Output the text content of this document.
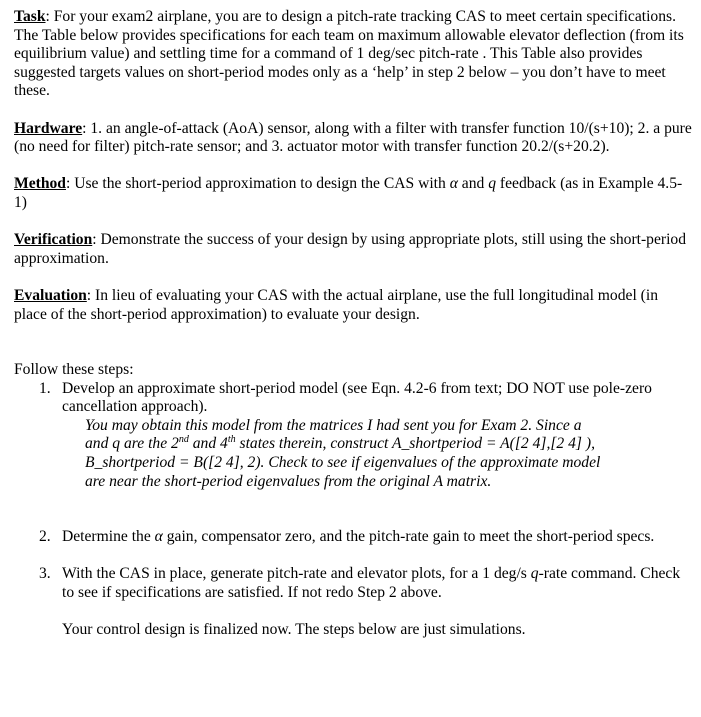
Task: For your exam2 airplane, you are to design a pitch-rate tracking CAS to meet certain specifications. The Table below provides specifications for each team on maximum allowable elevator deflection (from its equilibrium value) and settling time for a command of 1 deg/sec pitch-rate . This Table also provides suggested targets values on short-period modes only as a ‘help’ in step 2 below – you don’t have to meet these.

Hardware: 1. an angle-of-attack (AoA) sensor, along with a filter with transfer function 10/(s+10); 2. a pure (no need for filter) pitch-rate sensor; and 3. actuator motor with transfer function 20.2/(s+20.2).

Method: Use the short-period approximation to design the CAS with α and q feedback (as in Example 4.5-1)

Verification: Demonstrate the success of your design by using appropriate plots, still using the short-period approximation.

Evaluation: In lieu of evaluating your CAS with the actual airplane, use the full longitudinal model (in place of the short-period approximation) to evaluate your design.

Follow these steps:

1. Develop an approximate short-period model (see Eqn. 4.2-6 from text; DO NOT use pole-zero cancellation approach).

You may obtain this model from the matrices I had sent you for Exam 2. Since a and q are the 2nd and 4th states therein, construct A_shortperiod = A([2 4],[2 4] ), B_shortperiod = B([2 4], 2). Check to see if eigenvalues of the approximate model are near the short-period eigenvalues from the original A matrix.

2. Determine the α gain, compensator zero, and the pitch-rate gain to meet the short-period specs.

3. With the CAS in place, generate pitch-rate and elevator plots, for a 1 deg/s q-rate command. Check to see if specifications are satisfied. If not redo Step 2 above.

Your control design is finalized now. The steps below are just simulations.
